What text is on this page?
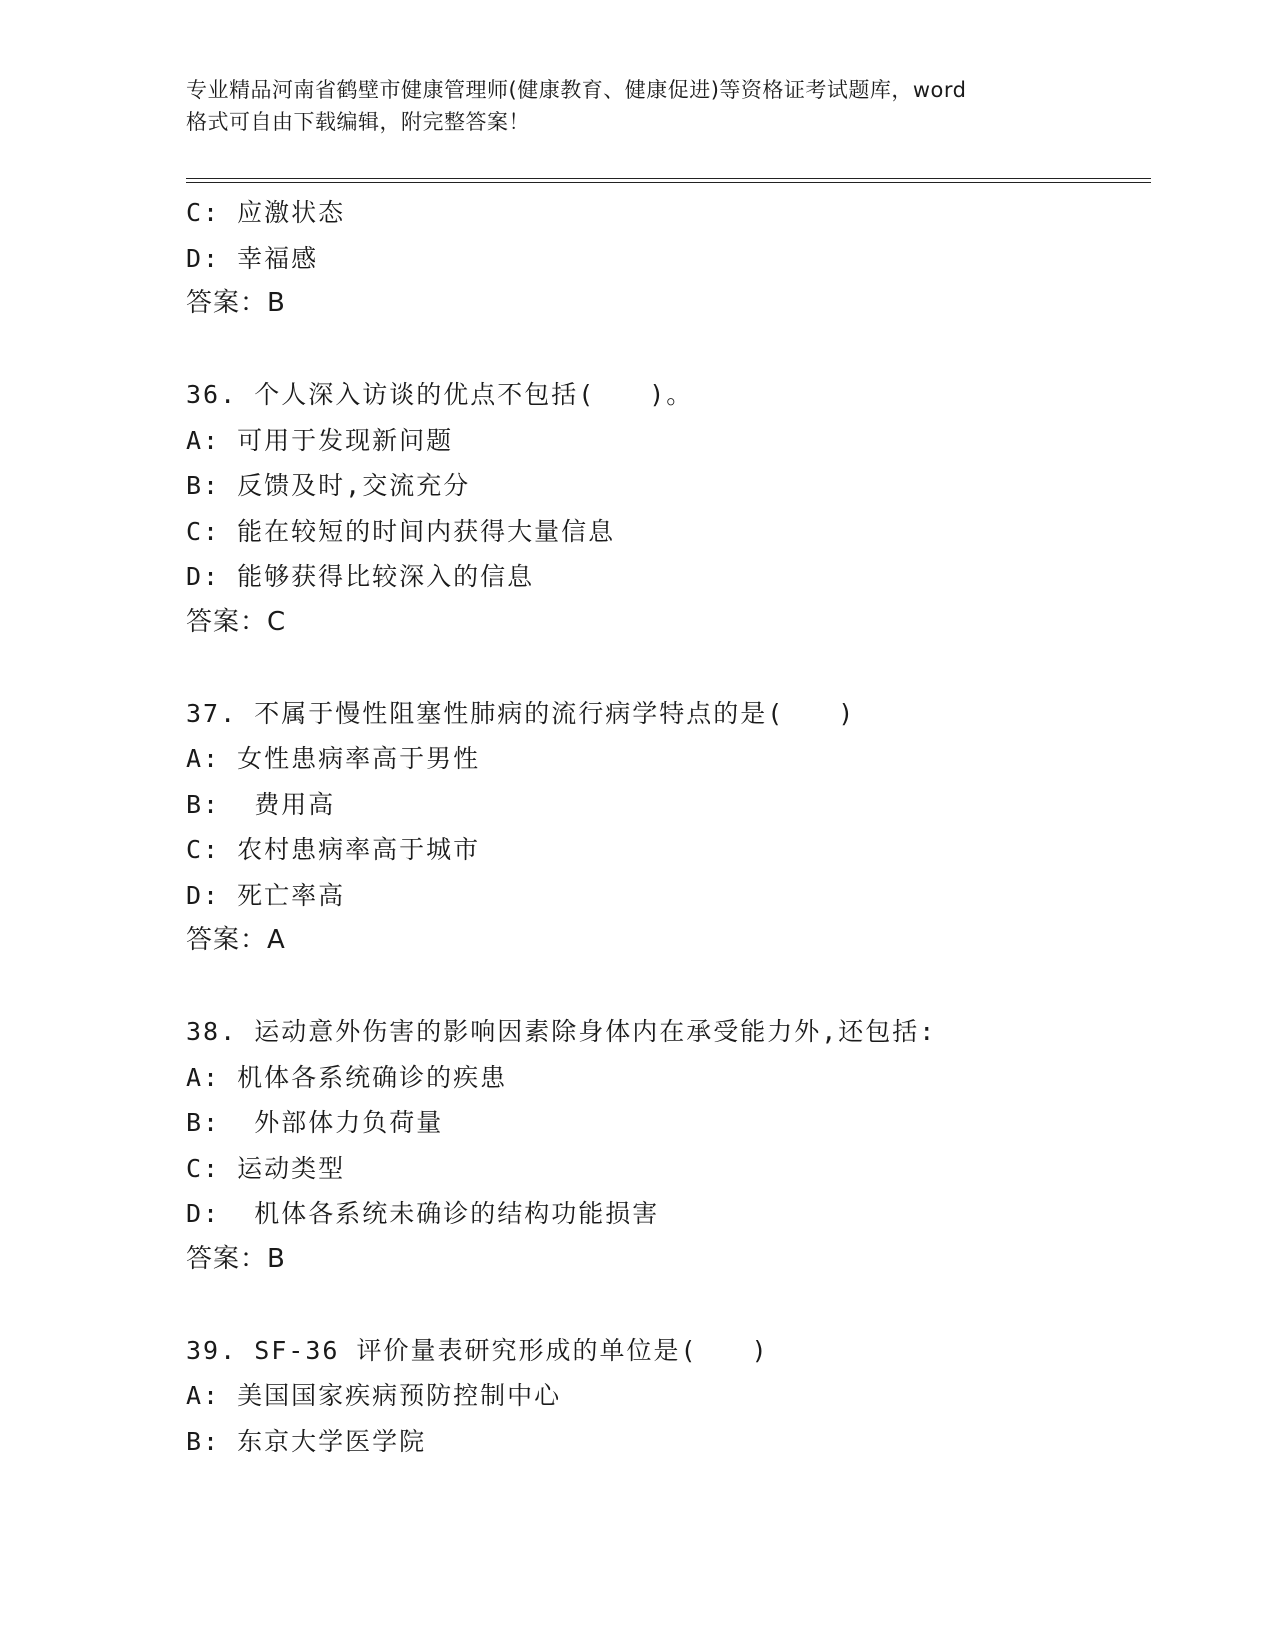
专业精品河南省鹤壁市健康管理师(健康教育、健康促进)等资格证考试题库，word
格式可自由下载编辑，附完整答案！
C: 应激状态
D: 幸福感
答案：B
36. 个人深入访谈的优点不包括(　　)。
A: 可用于发现新问题
B: 反馈及时,交流充分
C: 能在较短的时间内获得大量信息
D: 能够获得比较深入的信息
答案：C
37. 不属于慢性阻塞性肺病的流行病学特点的是(　　)
A: 女性患病率高于男性
B:  费用高
C: 农村患病率高于城市
D: 死亡率高
答案：A
38. 运动意外伤害的影响因素除身体内在承受能力外,还包括:
A: 机体各系统确诊的疾患
B:  外部体力负荷量
C: 运动类型
D:  机体各系统未确诊的结构功能损害
答案：B
39. SF-36 评价量表研究形成的单位是(　　)
A: 美国国家疾病预防控制中心
B: 东京大学医学院
